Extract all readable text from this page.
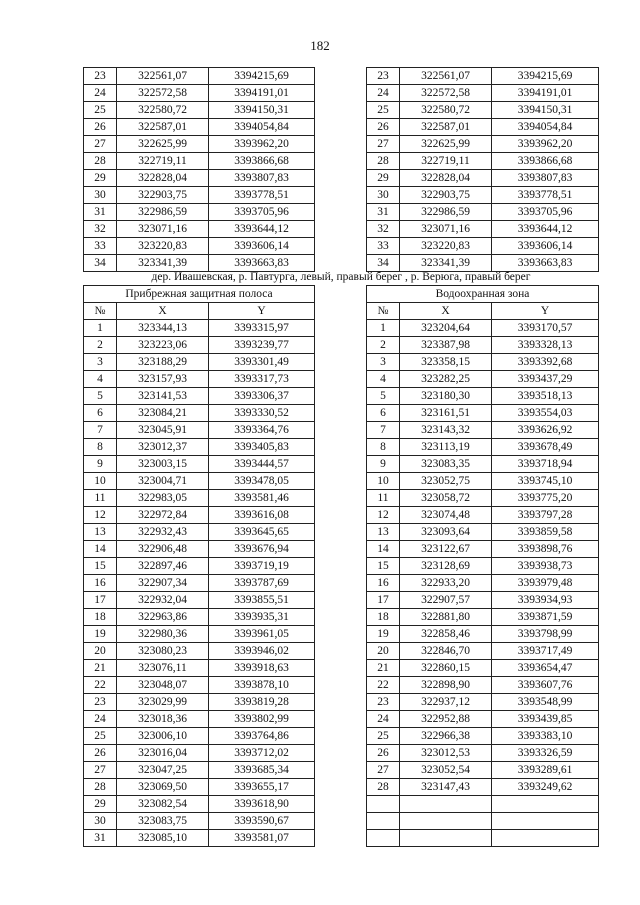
182
23	322561,07	3394215,69		23	322561,07	3394215,69
24	322572,58	3394191,01		24	322572,58	3394191,01
25	322580,72	3394150,31		25	322580,72	3394150,31
26	322587,01	3394054,84		26	322587,01	3394054,84
27	322625,99	3393962,20		27	322625,99	3393962,20
28	322719,11	3393866,68		28	322719,11	3393866,68
29	322828,04	3393807,83		29	322828,04	3393807,83
30	322903,75	3393778,51		30	322903,75	3393778,51
31	322986,59	3393705,96		31	322986,59	3393705,96
32	323071,16	3393644,12		32	323071,16	3393644,12
33	323220,83	3393606,14		33	323220,83	3393606,14
34	323341,39	3393663,83		34	323341,39	3393663,83
дер. Ивашевская, р. Павтурга, левый, правый берег , р. Верюга, правый берег						
Прибрежная защитная полоса				Водоохранная зона		
№	X	Y		№	X	Y
1	323344,13	3393315,97		1	323204,64	3393170,57
2	323223,06	3393239,77		2	323387,98	3393328,13
3	323188,29	3393301,49		3	323358,15	3393392,68
4	323157,93	3393317,73		4	323282,25	3393437,29
5	323141,53	3393306,37		5	323180,30	3393518,13
6	323084,21	3393330,52		6	323161,51	3393554,03
7	323045,91	3393364,76		7	323143,32	3393626,92
8	323012,37	3393405,83		8	323113,19	3393678,49
9	323003,15	3393444,57		9	323083,35	3393718,94
10	323004,71	3393478,05		10	323052,75	3393745,10
11	322983,05	3393581,46		11	323058,72	3393775,20
12	322972,84	3393616,08		12	323074,48	3393797,28
13	322932,43	3393645,65		13	323093,64	3393859,58
14	322906,48	3393676,94		14	323122,67	3393898,76
15	322897,46	3393719,19		15	323128,69	3393938,73
16	322907,34	3393787,69		16	322933,20	3393979,48
17	322932,04	3393855,51		17	322907,57	3393934,93
18	322963,86	3393935,31		18	322881,80	3393871,59
19	322980,36	3393961,05		19	322858,46	3393798,99
20	323080,23	3393946,02		20	322846,70	3393717,49
21	323076,11	3393918,63		21	322860,15	3393654,47
22	323048,07	3393878,10		22	322898,90	3393607,76
23	323029,99	3393819,28		23	322937,12	3393548,99
24	323018,36	3393802,99		24	322952,88	3393439,85
25	323006,10	3393764,86		25	322966,38	3393383,10
26	323016,04	3393712,02		26	323012,53	3393326,59
27	323047,25	3393685,34		27	323052,54	3393289,61
28	323069,50	3393655,17		28	323147,43	3393249,62
29	323082,54	3393618,90				
30	323083,75	3393590,67				
31	323085,10	3393581,07				
